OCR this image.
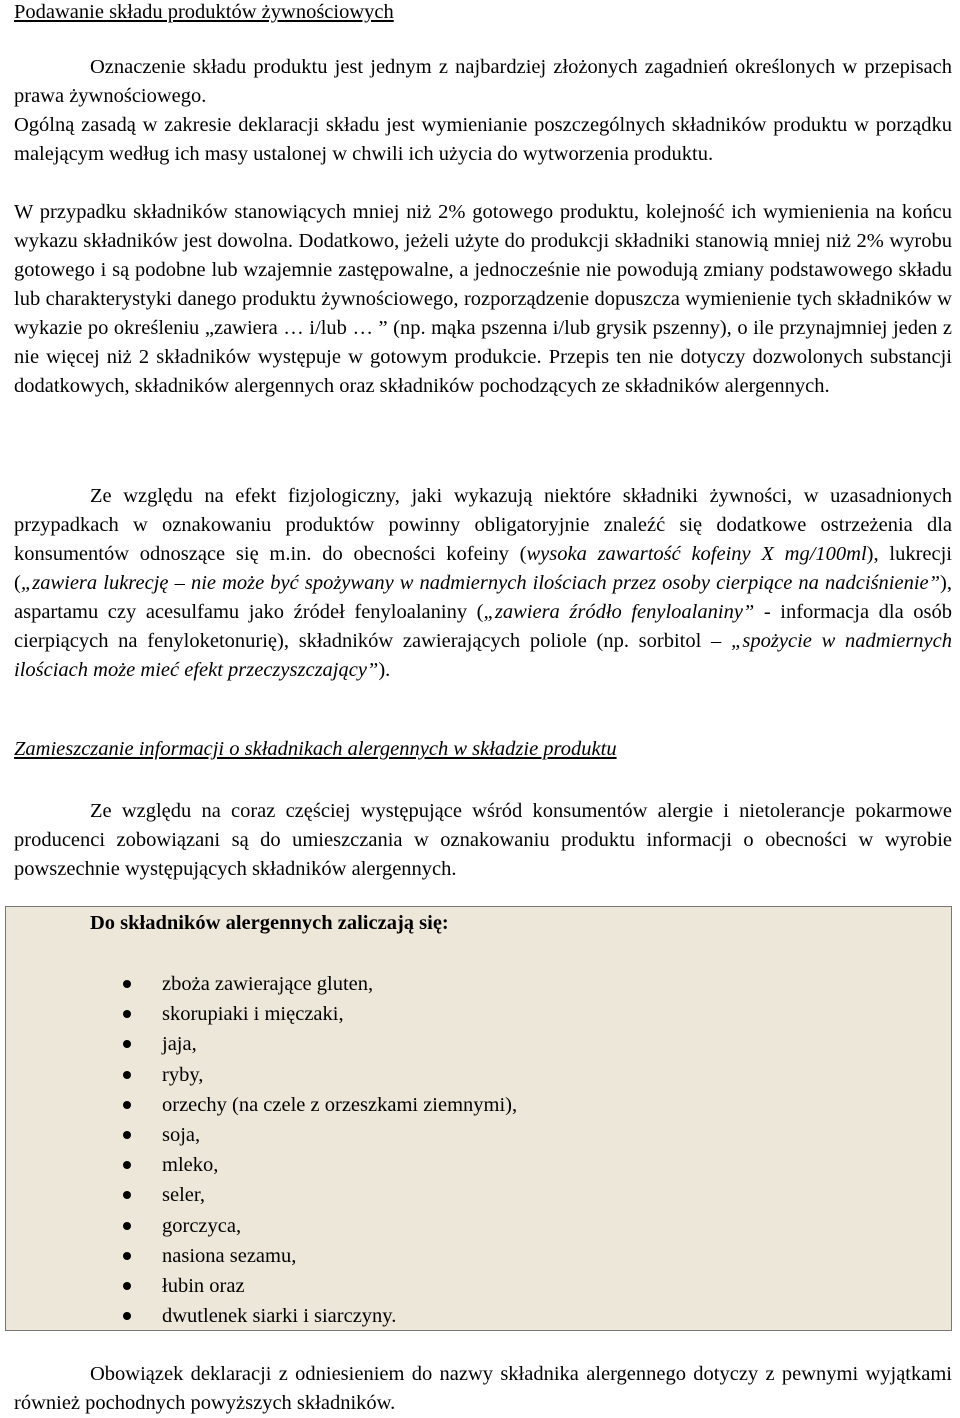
Podawanie składu produktów żywnościowych

Oznaczenie składu produktu jest jednym z najbardziej złożonych zagadnień określonych w przepisach prawa żywnościowego.

Ogólną zasadą w zakresie deklaracji składu jest wymienianie poszczególnych składników produktu w porządku malejącym według ich masy ustalonej w chwili ich użycia do wytworzenia produktu.

W przypadku składników stanowiących mniej niż 2% gotowego produktu, kolejność ich wymienienia na końcu wykazu składników jest dowolna. Dodatkowo, jeżeli użyte do produkcji składniki stanowią mniej niż 2% wyrobu gotowego i są podobne lub wzajemnie zastępowalne, a jednocześnie nie powodują zmiany podstawowego składu lub charakterystyki danego produktu żywnościowego, rozporządzenie dopuszcza wymienienie tych składników w wykazie po określeniu „zawiera … i/lub … ” (np. mąka pszenna i/lub grysik pszenny), o ile przynajmniej jeden z nie więcej niż 2 składników występuje w gotowym produkcie. Przepis ten nie dotyczy dozwolonych substancji dodatkowych, składników alergennych oraz składników pochodzących ze składników alergennych.

Ze względu na efekt fizjologiczny, jaki wykazują niektóre składniki żywności, w uzasadnionych przypadkach w oznakowaniu produktów powinny obligatoryjnie znaleźć się dodatkowe ostrzeżenia dla konsumentów odnoszące się m.in. do obecności kofeiny (wysoka zawartość kofeiny X mg/100ml), lukrecji („zawiera lukrecję – nie może być spożywany w nadmiernych ilościach przez osoby cierpiące na nadciśnienie”), aspartamu czy acesulfamu jako źródeł fenyloalaniny („zawiera źródło fenyloalaniny” - informacja dla osób cierpiących na fenyloketonurię), składników zawierających poliole (np. sorbitol – „spożycie w nadmiernych ilościach może mieć efekt przeczyszczający”).

Zamieszczanie informacji o składnikach alergennych w składzie produktu

Ze względu na coraz częściej występujące wśród konsumentów alergie i nietolerancje pokarmowe producenci zobowiązani są do umieszczania w oznakowaniu produktu informacji o obecności w wyrobie powszechnie występujących składników alergennych.

Do składników alergennych zaliczają się:
zboża zawierające gluten,
skorupiaki i mięczaki,
jaja,
ryby,
orzechy (na czele z orzeszkami ziemnymi),
soja,
mleko,
seler,
gorczyca,
nasiona sezamu,
łubin oraz
dwutlenek siarki i siarczyny.

Obowiązek deklaracji z odniesieniem do nazwy składnika alergennego dotyczy z pewnymi wyjątkami również pochodnych powyższych składników.
